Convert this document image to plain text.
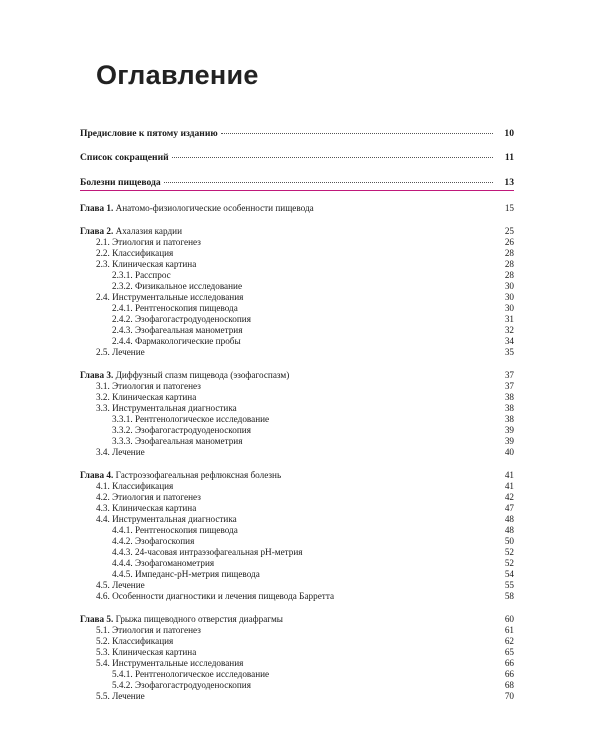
Оглавление
Предисловие к пятому изданию	10
Список сокращений	11
Болезни пищевода	13
Глава 1. Анатомо-физиологические особенности пищевода	15
Глава 2. Ахалазия кардии	25
2.1. Этиология и патогенез	26
2.2. Классификация	28
2.3. Клиническая картина	28
2.3.1. Расспрос	28
2.3.2. Физикальное исследование	30
2.4. Инструментальные исследования	30
2.4.1. Рентгеноскопия пищевода	30
2.4.2. Эзофагогастродуоденоскопия	31
2.4.3. Эзофагеальная манометрия	32
2.4.4. Фармакологические пробы	34
2.5. Лечение	35
Глава 3. Диффузный спазм пищевода (эзофагоспазм)	37
3.1. Этиология и патогенез	37
3.2. Клиническая картина	38
3.3. Инструментальная диагностика	38
3.3.1. Рентгенологическое исследование	38
3.3.2. Эзофагогастродуоденоскопия	39
3.3.3. Эзофагеальная манометрия	39
3.4. Лечение	40
Глава 4. Гастроэзофагеальная рефлюксная болезнь	41
4.1. Классификация	41
4.2. Этиология и патогенез	42
4.3. Клиническая картина	47
4.4. Инструментальная диагностика	48
4.4.1. Рентгеноскопия пищевода	48
4.4.2. Эзофагоскопия	50
4.4.3. 24-часовая интраэзофагеальная рН-метрия	52
4.4.4. Эзофагоманометрия	52
4.4.5. Импеданс-рН-метрия пищевода	54
4.5. Лечение	55
4.6. Особенности диагностики и лечения пищевода Барретта	58
Глава 5. Грыжа пищеводного отверстия диафрагмы	60
5.1. Этиология и патогенез	61
5.2. Классификация	62
5.3. Клиническая картина	65
5.4. Инструментальные исследования	66
5.4.1. Рентгенологическое исследование	66
5.4.2. Эзофагогастродуоденоскопия	68
5.5. Лечение	70
